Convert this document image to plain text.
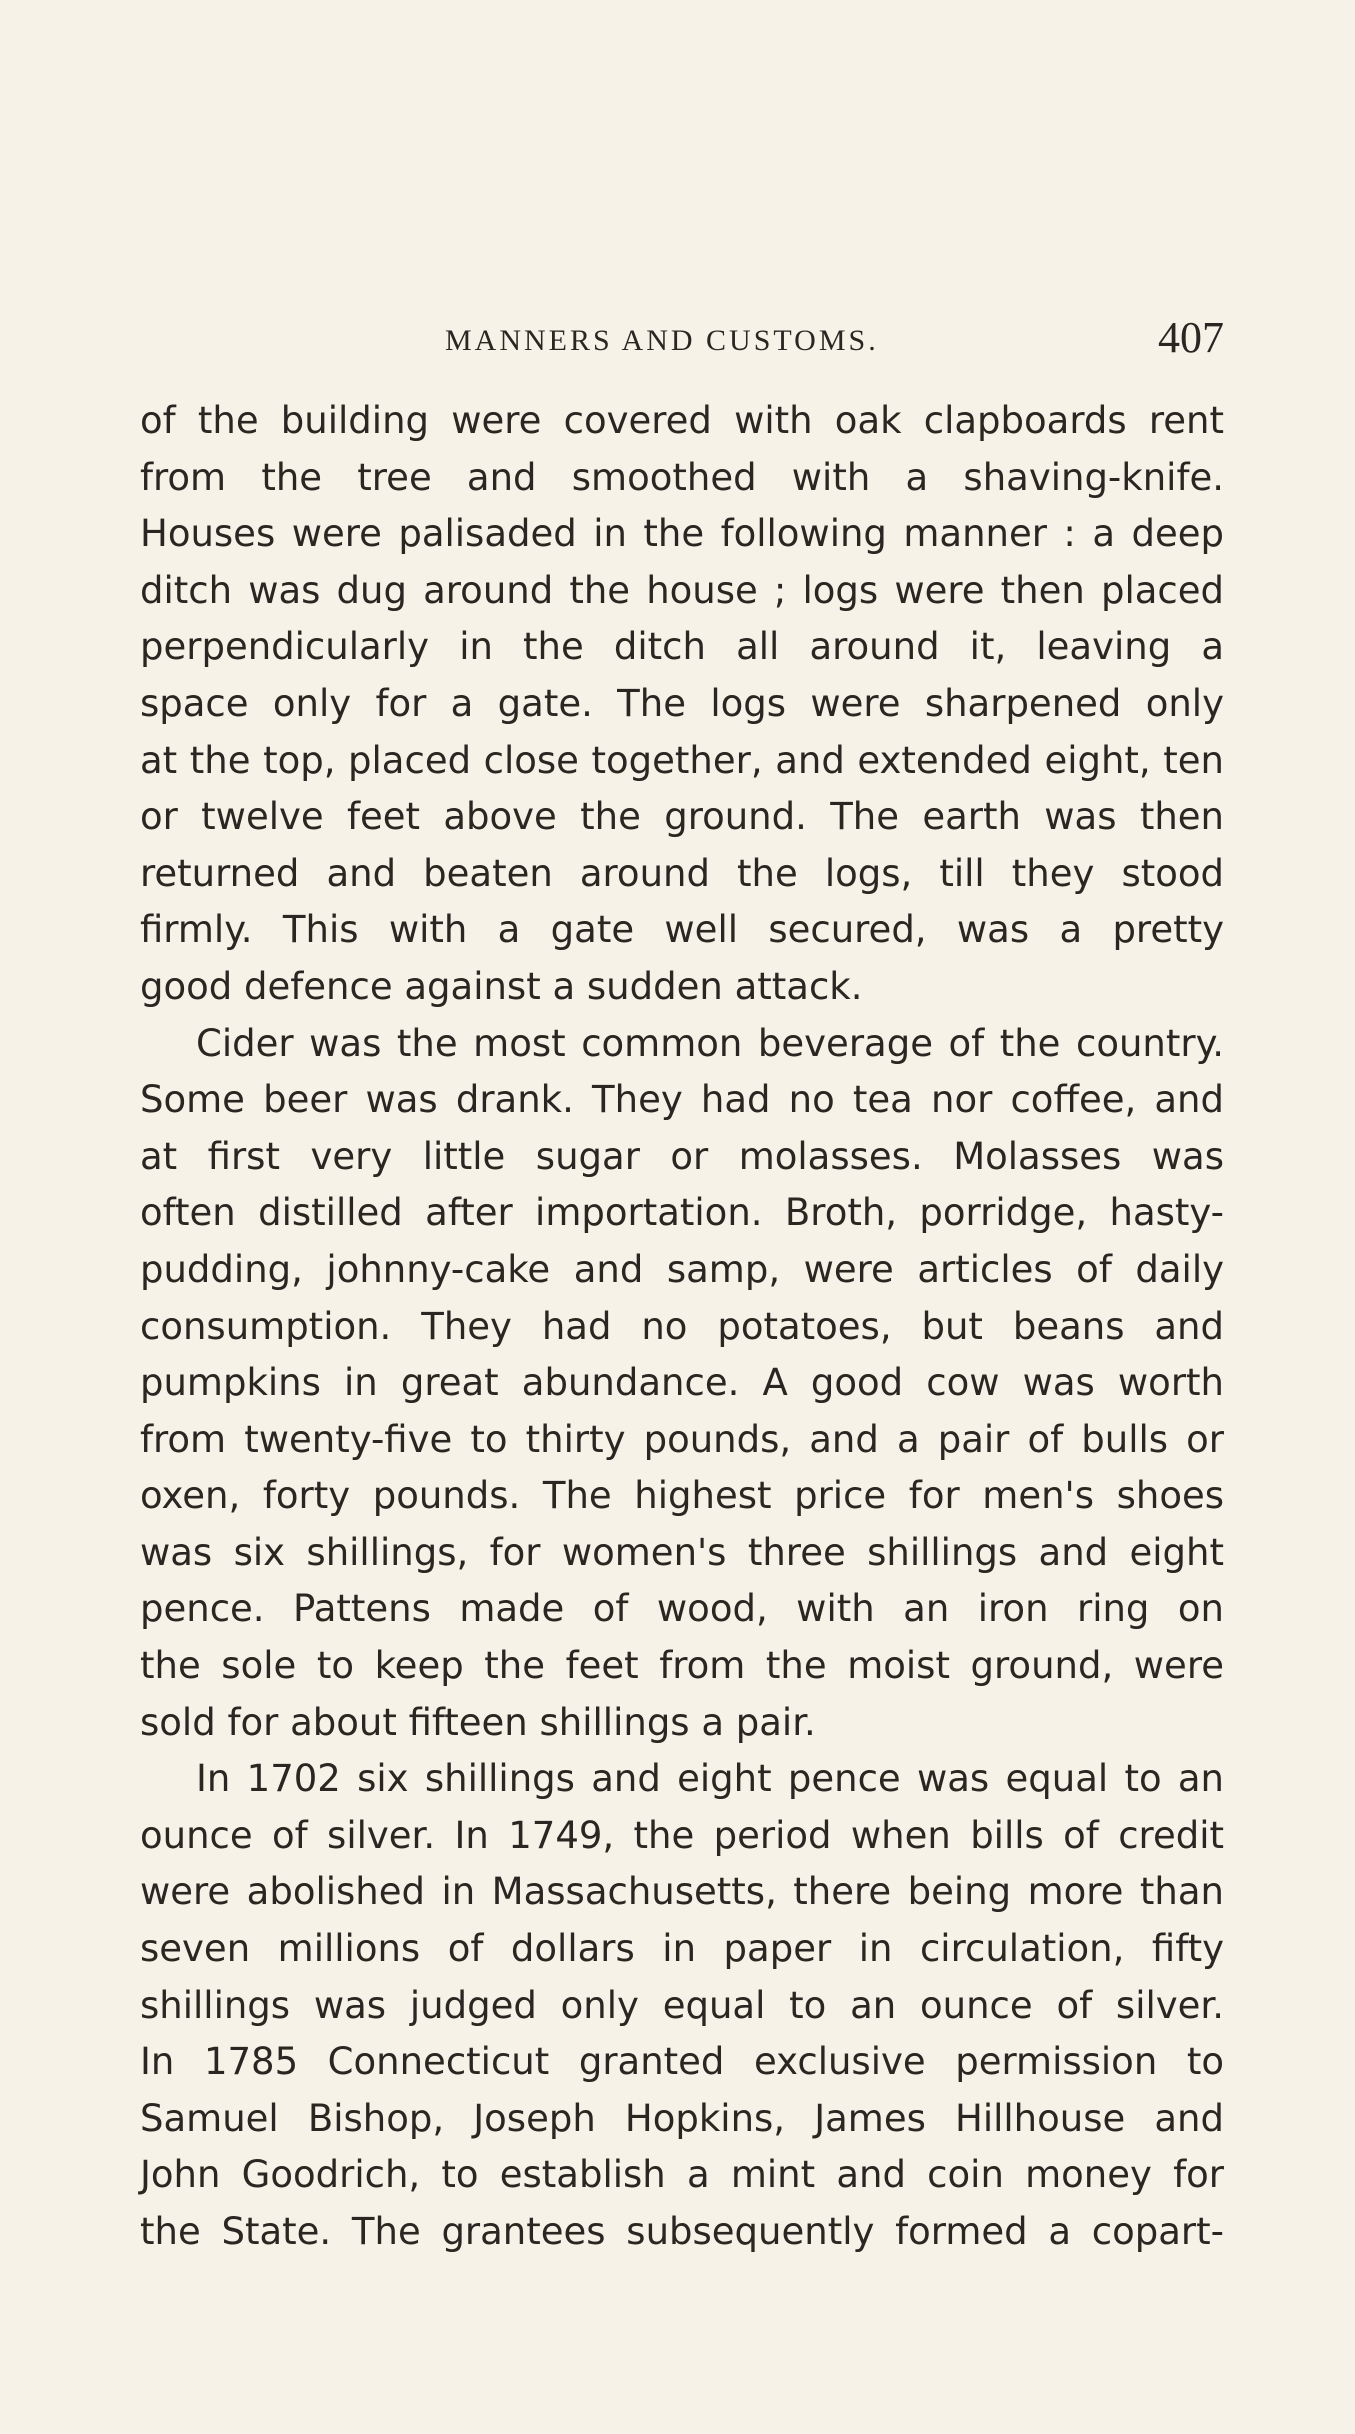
MANNERS AND CUSTOMS.	407
of the building were covered with oak clapboards rent
from the tree and smoothed with a shaving-knife.
Houses were palisaded in the following manner : a deep
ditch was dug around the house ; logs were then placed
perpendicularly in the ditch all around it, leaving a
space only for a gate. The logs were sharpened only
at the top, placed close together, and extended eight, ten
or twelve feet above the ground. The earth was then
returned and beaten around the logs, till they stood
firmly. This with a gate well secured, was a pretty
good defence against a sudden attack.
Cider was the most common beverage of the country.
Some beer was drank. They had no tea nor coffee, and
at first very little sugar or molasses. Molasses was
often distilled after importation. Broth, porridge, hasty-
pudding, johnny-cake and samp, were articles of daily
consumption. They had no potatoes, but beans and
pumpkins in great abundance. A good cow was worth
from twenty-five to thirty pounds, and a pair of bulls or
oxen, forty pounds. The highest price for men's shoes
was six shillings, for women's three shillings and eight
pence. Pattens made of wood, with an iron ring on
the sole to keep the feet from the moist ground, were
sold for about fifteen shillings a pair.
In 1702 six shillings and eight pence was equal to an
ounce of silver. In 1749, the period when bills of credit
were abolished in Massachusetts, there being more than
seven millions of dollars in paper in circulation, fifty
shillings was judged only equal to an ounce of silver.
In 1785 Connecticut granted exclusive permission to
Samuel Bishop, Joseph Hopkins, James Hillhouse and
John Goodrich, to establish a mint and coin money for
the State. The grantees subsequently formed a copart-
